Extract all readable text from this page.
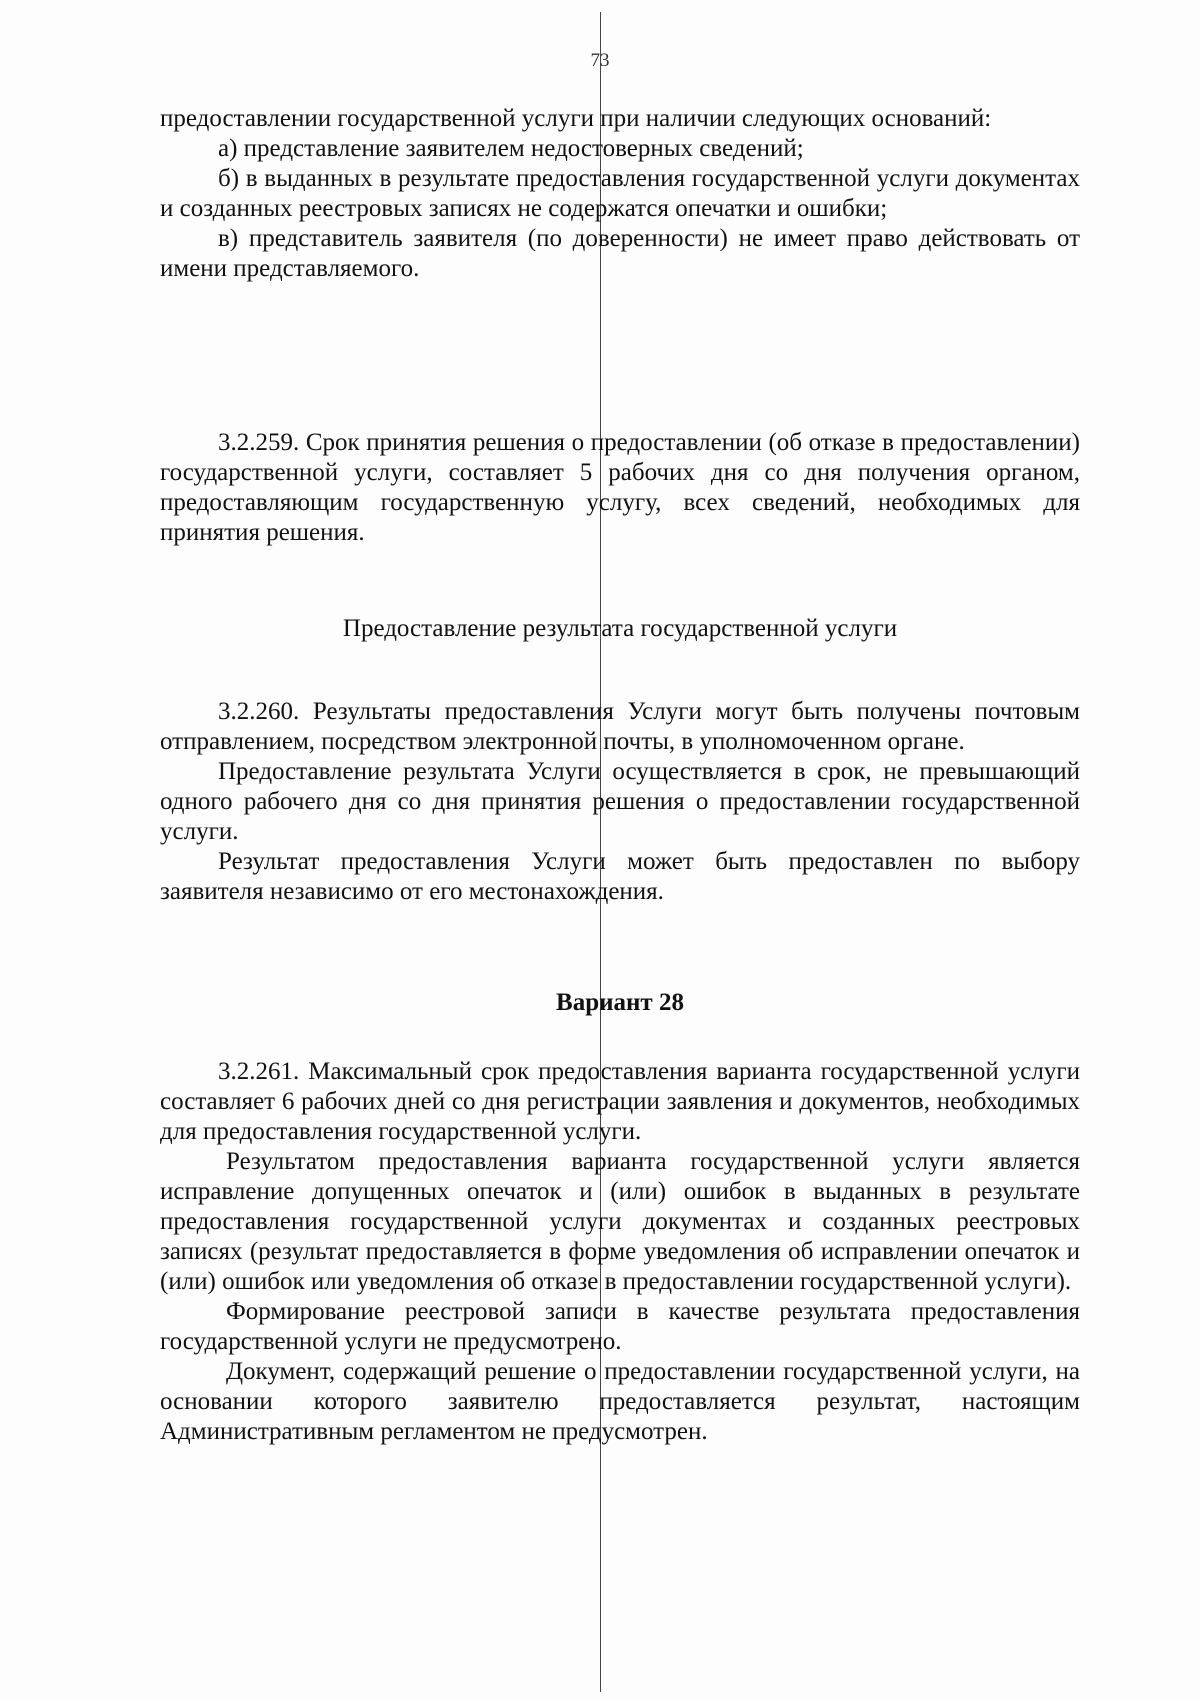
73

предоставлении государственной услуги при наличии следующих оснований:

а) представление заявителем недостоверных сведений;

б) в выданных в результате предоставления государственной услуги документах и созданных реестровых записях не содержатся опечатки и ошибки;

в) представитель заявителя (по доверенности) не имеет право действовать от имени представляемого.

3.2.259. Срок принятия решения о предоставлении (об отказе в предоставлении) государственной услуги, составляет 5 рабочих дня со дня получения органом, предоставляющим государственную услугу, всех сведений, необходимых для принятия решения.

Предоставление результата государственной услуги

3.2.260. Результаты предоставления Услуги могут быть получены почтовым отправлением, посредством электронной почты, в уполномоченном органе.

Предоставление результата Услуги осуществляется в срок, не превышающий одного рабочего дня со дня принятия решения о предоставлении государственной услуги.

Результат предоставления Услуги может быть предоставлен по выбору заявителя независимо от его местонахождения.

Вариант 28

3.2.261. Максимальный срок предоставления варианта государственной услуги составляет 6 рабочих дней со дня регистрации заявления и документов, необходимых для предоставления государственной услуги.

Результатом предоставления варианта государственной услуги является исправление допущенных опечаток и (или) ошибок в выданных в результате предоставления государственной услуги документах и созданных реестровых записях (результат предоставляется в форме уведомления об исправлении опечаток и (или) ошибок или уведомления об отказе в предоставлении государственной услуги).

Формирование реестровой записи в качестве результата предоставления государственной услуги не предусмотрено.

Документ, содержащий решение о предоставлении государственной услуги, на основании которого заявителю предоставляется результат, настоящим Административным регламентом не предусмотрен.
